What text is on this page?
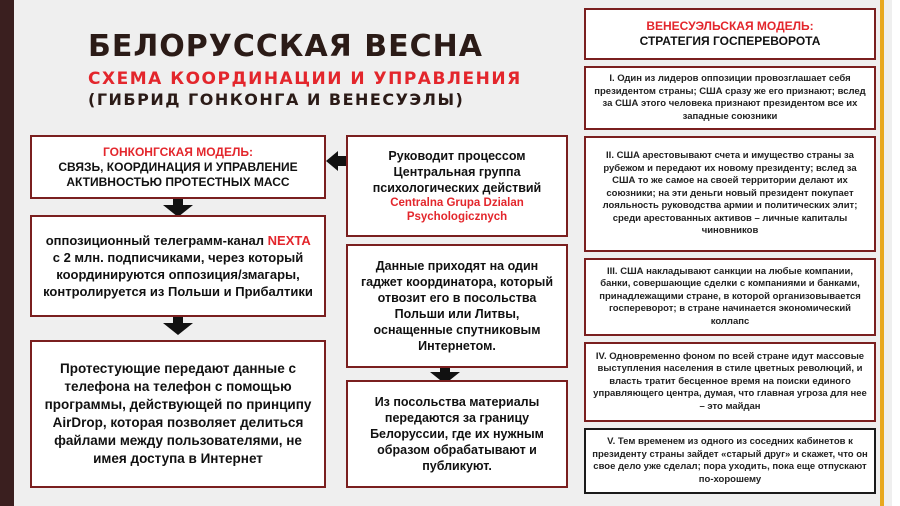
БЕЛОРУССКАЯ ВЕСНА
СХЕМА КООРДИНАЦИИ И УПРАВЛЕНИЯ
(ГИБРИД ГОНКОНГА И ВЕНЕСУЭЛЫ)
ГОНКОНГСКАЯ МОДЕЛЬ:
СВЯЗЬ, КООРДИНАЦИЯ И УПРАВЛЕНИЕ АКТИВНОСТЬЮ ПРОТЕСТНЫХ МАСС
оппозиционный телеграмм-канал NEXTA с 2 млн. подписчиками, через который координируются оппозиция/змагары, контролируется из Польши и Прибалтики
Протестующие передают данные с телефона на телефон с помощью программы, действующей по принципу AirDrop, которая позволяет делиться файлами между пользователями, не имея доступа в Интернет
Руководит процессом Центральная группа психологических действий
Centralna Grupa Dzialan Psychologicznych
Данные приходят на один гаджет координатора, который отвозит его в посольства Польши или Литвы, оснащенные спутниковым Интернетом.
Из посольства материалы передаются за границу Белоруссии, где их нужным образом обрабатывают и публикуют.
ВЕНЕСУЭЛЬСКАЯ МОДЕЛЬ:
СТРАТЕГИЯ ГОСПЕРЕВОРОТА
I. Один из лидеров оппозиции провозглашает себя президентом страны; США сразу же его признают; вслед за США этого человека признают президентом все их западные союзники
II. США арестовывают счета и имущество страны за рубежом и передают их новому президенту; вслед за США то же самое на своей территории делают их союзники; на эти деньги новый президент покупает лояльность руководства армии и политических элит; среди арестованных активов – личные капиталы чиновников
III. США накладывают санкции на любые компании, банки, совершающие сделки с компаниями и банками, принадлежащими стране, в которой организовывается госпереворот; в стране начинается экономический коллапс
IV. Одновременно фоном по всей стране идут массовые выступления населения в стиле цветных революций, и власть тратит бесценное время на поиски единого управляющего центра, думая, что главная угроза для нее – это майдан
V. Тем временем из одного из соседних кабинетов к президенту страны зайдет «старый друг» и скажет, что он свое дело уже сделал; пора уходить, пока еще отпускают по-хорошему
